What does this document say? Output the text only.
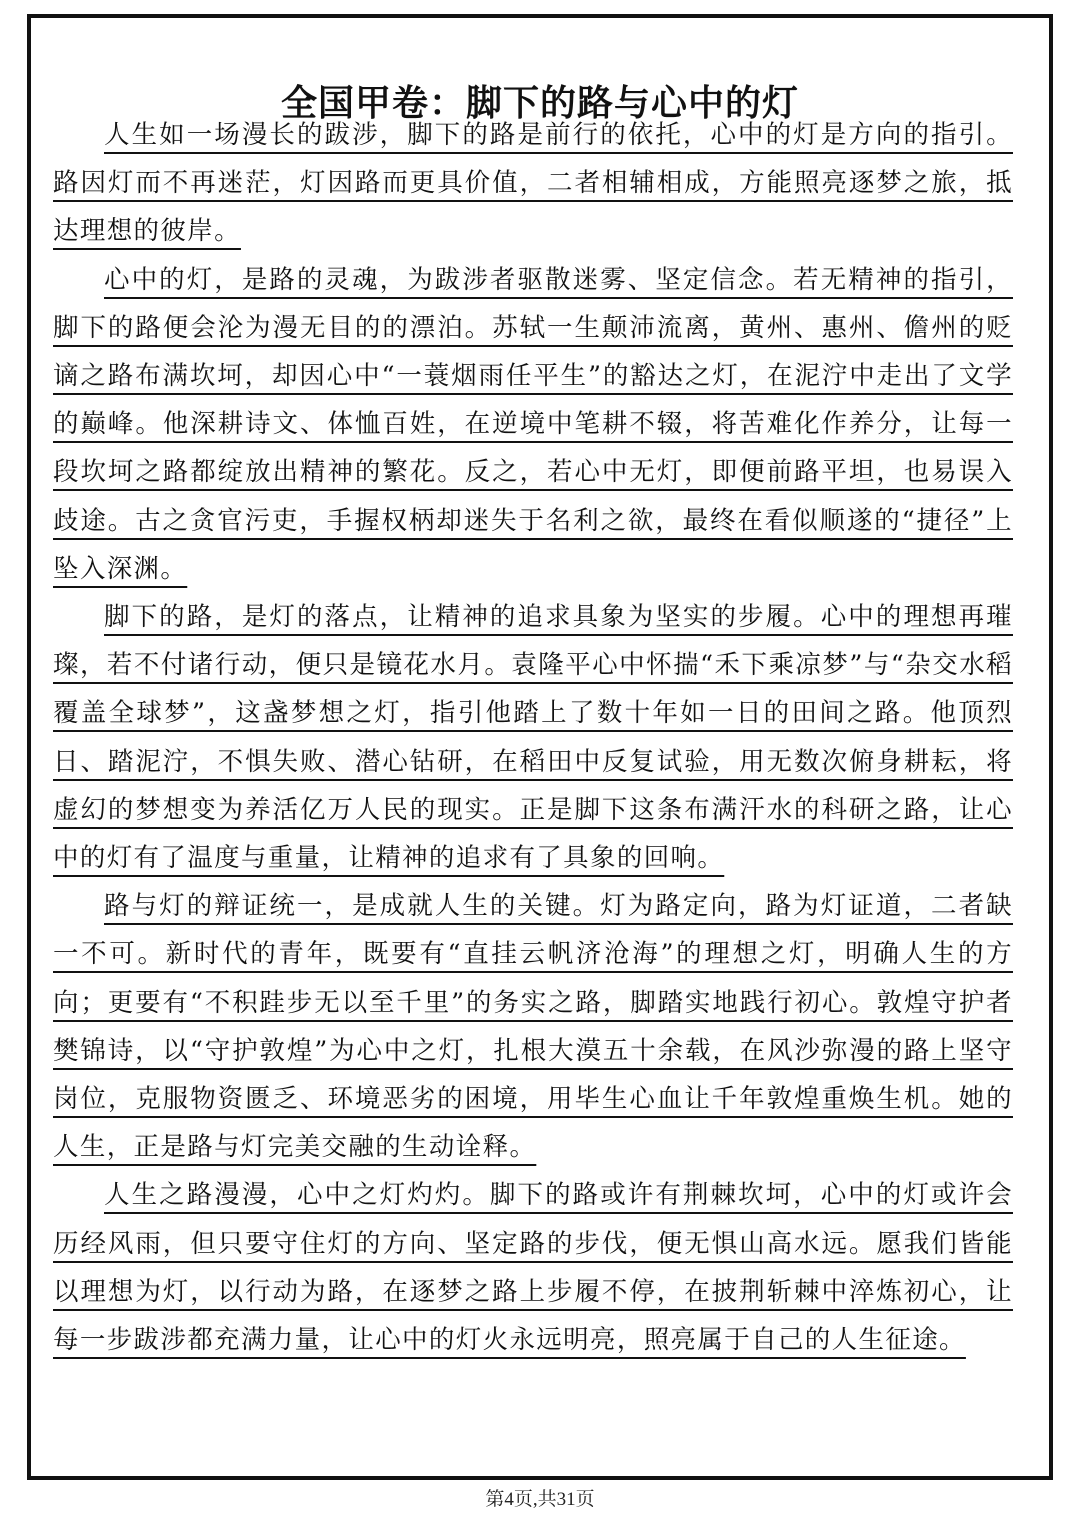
全国甲卷：脚下的路与心中的灯

人生如一场漫长的跋涉，脚下的路是前行的依托，心中的灯是方向的指引。路因灯而不再迷茫，灯因路而更具价值，二者相辅相成，方能照亮逐梦之旅，抵达理想的彼岸。

心中的灯，是路的灵魂，为跋涉者驱散迷雾、坚定信念。若无精神的指引，脚下的路便会沦为漫无目的的漂泊。苏轼一生颠沛流离，黄州、惠州、儋州的贬谪之路布满坎坷，却因心中“一蓑烟雨任平生”的豁达之灯，在泥泞中走出了文学的巅峰。他深耕诗文、体恤百姓，在逆境中笔耕不辍，将苦难化作养分，让每一段坎坷之路都绽放出精神的繁花。反之，若心中无灯，即便前路平坦，也易误入歧途。古之贪官污吏，手握权柄却迷失于名利之欲，最终在看似顺遂的“捷径”上坠入深渊。

脚下的路，是灯的落点，让精神的追求具象为坚实的步履。心中的理想再璀璨，若不付诸行动，便只是镜花水月。袁隆平心中怀揣“禾下乘凉梦”与“杂交水稻覆盖全球梦”，这盏梦想之灯，指引他踏上了数十年如一日的田间之路。他顶烈日、踏泥泞，不惧失败、潜心钻研，在稻田中反复试验，用无数次俯身耕耘，将虚幻的梦想变为养活亿万人民的现实。正是脚下这条布满汗水的科研之路，让心中的灯有了温度与重量，让精神的追求有了具象的回响。

路与灯的辩证统一，是成就人生的关键。灯为路定向，路为灯证道，二者缺一不可。新时代的青年，既要有“直挂云帆济沧海”的理想之灯，明确人生的方向；更要有“不积跬步无以至千里”的务实之路，脚踏实地践行初心。敦煌守护者樊锦诗，以“守护敦煌”为心中之灯，扎根大漠五十余载，在风沙弥漫的路上坚守岗位，克服物资匮乏、环境恶劣的困境，用毕生心血让千年敦煌重焕生机。她的人生，正是路与灯完美交融的生动诠释。

人生之路漫漫，心中之灯灼灼。脚下的路或许有荆棘坎坷，心中的灯或许会历经风雨，但只要守住灯的方向、坚定路的步伐，便无惧山高水远。愿我们皆能以理想为灯，以行动为路，在逐梦之路上步履不停，在披荆斩棘中淬炼初心，让每一步跋涉都充满力量，让心中的灯火永远明亮，照亮属于自己的人生征途。

第4页,共31页
